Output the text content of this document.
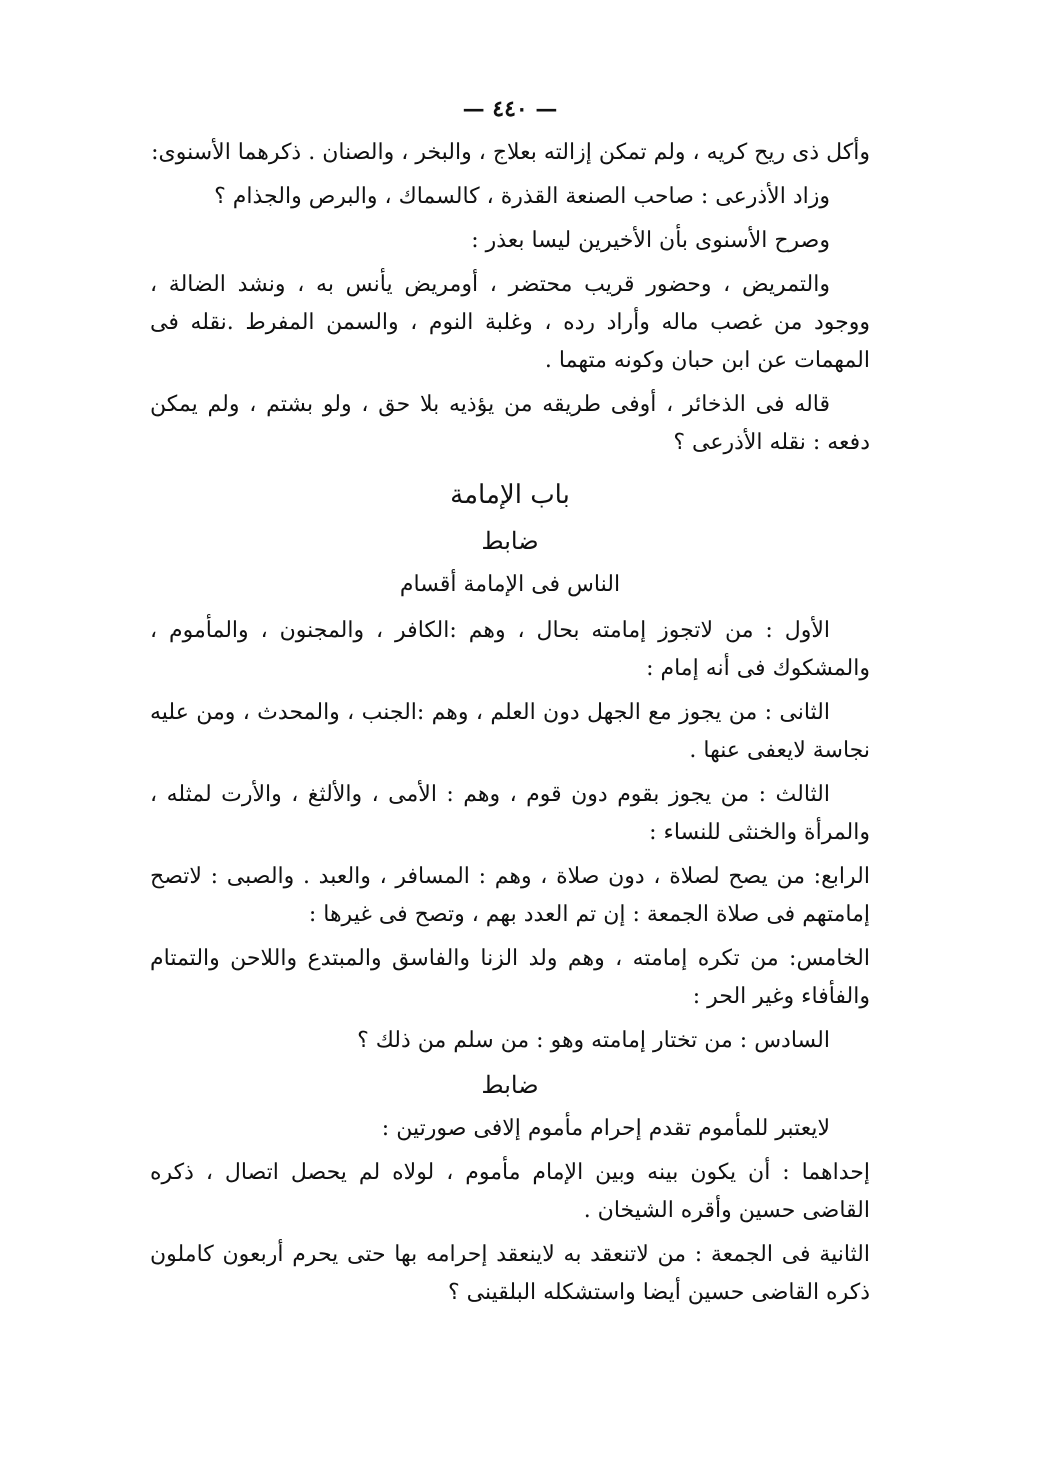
— ٤٤٠ —

وأكل ذى ريح كريه ، ولم تمكن إزالته بعلاج ، والبخر ، والصنان . ذكرهما الأسنوى:

وزاد الأذرعى : صاحب الصنعة القذرة ، كالسماك ، والبرص والجذام ؟

وصرح الأسنوى بأن الأخيرين ليسا بعذر :

والتمريض ، وحضور قريب محتضر ، أومريض يأنس به ، ونشد الضالة ، ووجود من غصب ماله وأراد رده ، وغلبة النوم ، والسمن المفرط .نقله فى المهمات عن ابن حبان وكونه متهما .

قاله فى الذخائر ، أوفى طريقه من يؤذيه بلا حق ، ولو بشتم ، ولم يمكن دفعه : نقله الأذرعى ؟

باب الإمامة
ضابط
الناس فى الإمامة أقسام

الأول : من لاتجوز إمامته بحال ، وهم :الكافر ، والمجنون ، والمأموم ، والمشكوك فى أنه إمام :

الثانى : من يجوز مع الجهل دون العلم ، وهم :الجنب ، والمحدث ، ومن عليه نجاسة لايعفى عنها .

الثالث : من يجوز بقوم دون قوم ، وهم : الأمى ، والألثغ ، والأرت لمثله ، والمرأة والخنثى للنساء :

الرابع: من يصح لصلاة ، دون صلاة ، وهم : المسافر ، والعبد . والصبى : لاتصح إمامتهم فى صلاة الجمعة : إن تم العدد بهم ، وتصح فى غيرها :

الخامس: من تكره إمامته ، وهم ولد الزنا والفاسق والمبتدع واللاحن والتمتام والفأفاء وغير الحر :

السادس : من تختار إمامته وهو : من سلم من ذلك ؟

ضابط

لايعتبر للمأموم تقدم إحرام مأموم إلافى صورتين :

إحداهما : أن يكون بينه وبين الإمام مأموم ، لولاه لم يحصل اتصال ، ذكره القاضى حسين وأقره الشيخان .

الثانية فى الجمعة : من لاتنعقد به لاينعقد إحرامه بها حتى يحرم أربعون كاملون ذكره القاضى حسين أيضا واستشكله البلقينى ؟
